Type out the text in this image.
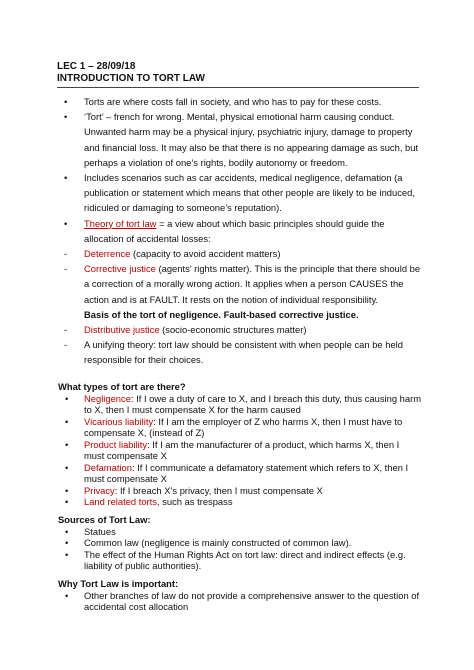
LEC 1 – 28/09/18
INTRODUCTION TO TORT LAW
• Torts are where costs fall in society, and who has to pay for these costs.
• ‘Tort’ – french for wrong. Mental, physical emotional harm causing conduct. Unwanted harm may be a physical injury, psychiatric injury, damage to property and financial loss. It may also be that there is no appearing damage as such, but perhaps a violation of one’s rights, bodily autonomy or freedom.
• Includes scenarios such as car accidents, medical negligence, defamation (a publication or statement which means that other people are likely to be induced, ridiculed or damaging to someone’s reputation).
• Theory of tort law = a view about which basic principles should guide the allocation of accidental losses:
- Deterrence (capacity to avoid accident matters)
- Corrective justice (agents’ rights matter). This is the principle that there should be a correction of a morally wrong action. It applies when a person CAUSES the action and is at FAULT. It rests on the notion of individual responsibility.
Basis of the tort of negligence. Fault-based corrective justice.
- Distributive justice (socio-economic structures matter)
- A unifying theory: tort law should be consistent with when people can be held responsible for their choices.
What types of tort are there?
• Negligence: If I owe a duty of care to X, and I breach this duty, thus causing harm to X, then I must compensate X for the harm caused
• Vicarious liability: If I am the employer of Z who harms X, then I must have to compensate X, (instead of Z)
• Product liability: If I am the manufacturer of a product, which harms X, then I must compensate X
• Defamation: If I communicate a defamatory statement which refers to X, then I must compensate X
• Privacy: If I breach X’s privacy, then I must compensate X
• Land related torts, such as trespass
Sources of Tort Law:
• Statues
• Common law (negligence is mainly constructed of common law).
• The effect of the Human Rights Act on tort law: direct and indirect effects (e.g. liability of public authorities).
Why Tort Law is important:
• Other branches of law do not provide a comprehensive answer to the question of accidental cost allocation
